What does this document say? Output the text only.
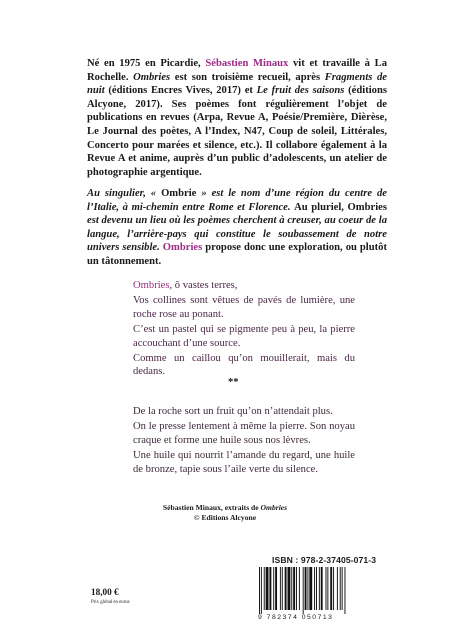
Né en 1975 en Picardie, Sébastien Minaux vit et travaille à La Rochelle. Ombries est son troisième recueil, après Fragments de nuit (éditions Encres Vives, 2017) et Le fruit des saisons (éditions Alcyone, 2017). Ses poèmes font régulièrement l’objet de publications en revues (Arpa, Revue A, Poésie/Première, Dièrèse, Le Journal des poètes, A l’Index, N47, Coup de soleil, Littérales, Concerto pour marées et silence, etc.). Il collabore également à la Revue A et anime, auprès d’un public d’adolescents, un atelier de photographie argentique.
Au singulier, « Ombrie » est le nom d’une région du centre de l’Italie, à mi-chemin entre Rome et Florence. Au pluriel, Ombries est devenu un lieu où les poèmes cherchent à creuser, au coeur de la langue, l’arrière-pays qui constitue le soubassement de notre univers sensible. Ombries propose donc une exploration, ou plutôt un tâtonnement.

Ombries, ô vastes terres,

Vos collines sont vêtues de pavés de lumière, une roche rose au ponant.

C’est un pastel qui se pigmente peu à peu, la pierre accouchant d’une source.

Comme un caillou qu’on mouillerait, mais du dedans.

**

De la roche sort un fruit qu’on n’attendait plus.

On le presse lentement à même la pierre. Son noyau craque et forme une huile sous nos lèvres.

Une huile qui nourrit l’amande du regard, une huile de bronze, tapie sous l’aile verte du silence.

Sébastien Minaux, extraits de Ombries
© Editions Alcyone
18,00 €
Prix global en euros
ISBN : 978-2-37405-071-3
9 782374 050713
